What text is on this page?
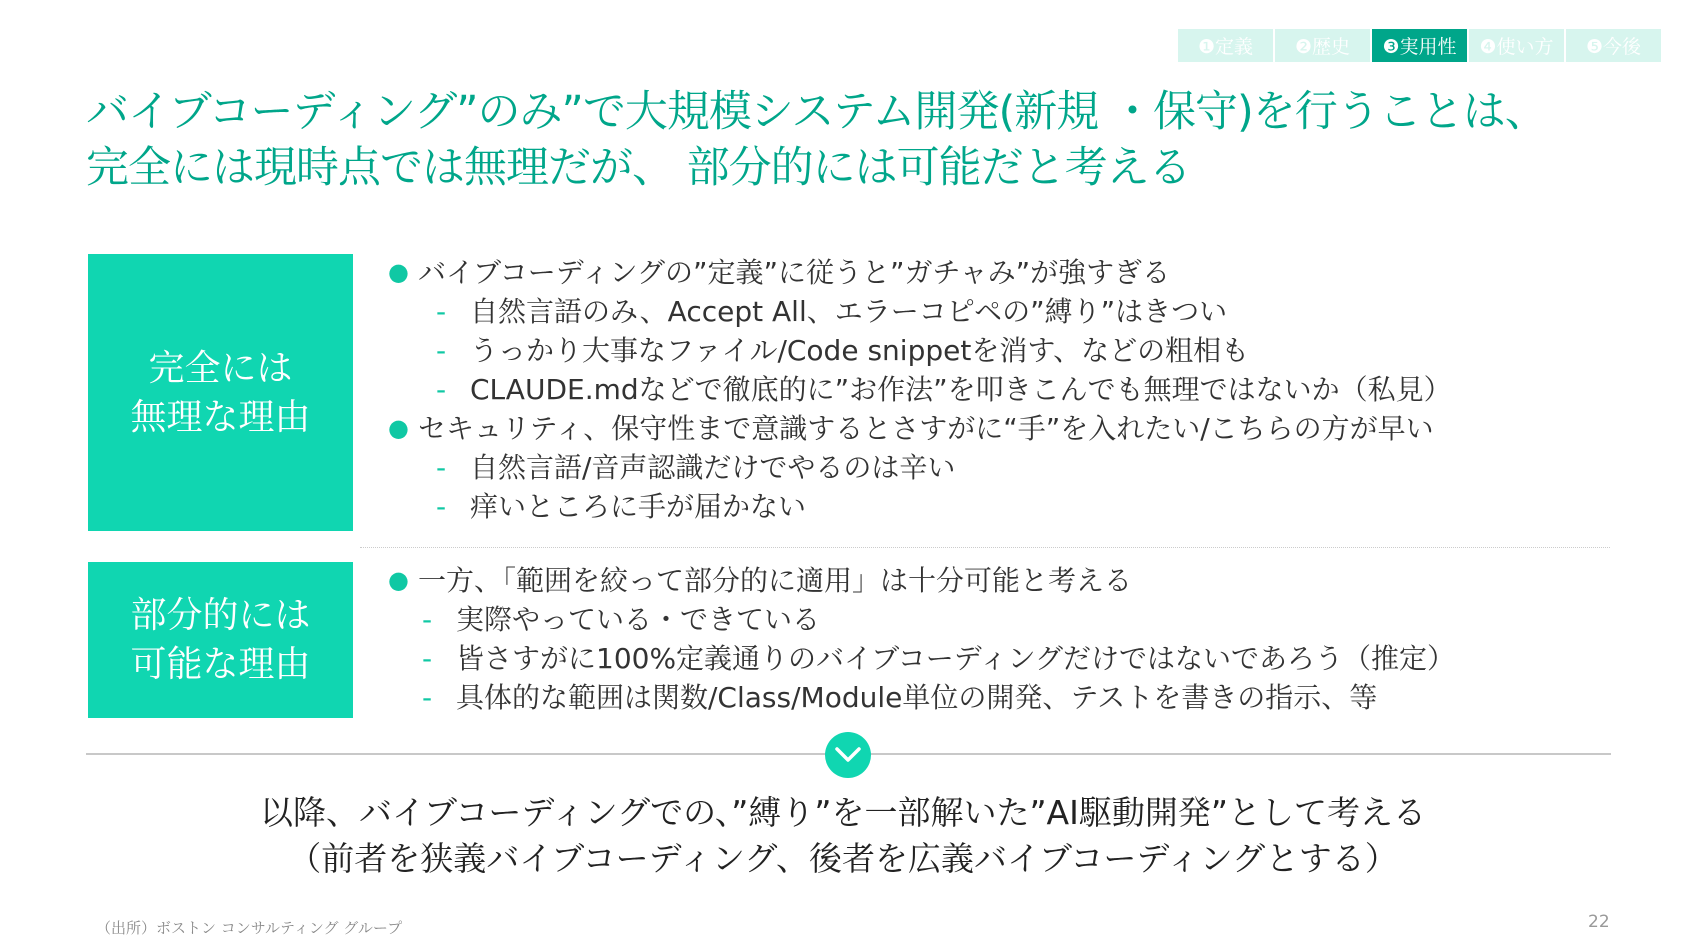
❶定義	❷歴史	❸実用性	❹使い方	❺今後
バイブコーディング”のみ”で大規模システム開発(新規 ・保守)を行うことは、
完全には現時点では無理だが、 部分的には可能だと考える
完全には
無理な理由
● バイブコーディングの”定義”に従うと”ガチャみ”が強すぎる
- 自然言語のみ、Accept All、エラーコピペの”縛り”はきつい
- うっかり大事なファイル/Code snippetを消す、などの粗相も
- CLAUDE.mdなどで徹底的に”お作法”を叩きこんでも無理ではないか（私見）
● セキュリティ、保守性まで意識するとさすがに“手”を入れたい/こちらの方が早い
- 自然言語/音声認識だけでやるのは辛い
- 痒いところに手が届かない
部分的には
可能な理由
● 一方、「範囲を絞って部分的に適用」は十分可能と考える
- 実際やっている・できている
- 皆さすがに100%定義通りのバイブコーディングだけではないであろう（推定）
- 具体的な範囲は関数/Class/Module単位の開発、テストを書きの指示、等
以降、バイブコーディングでの、”縛り”を一部解いた”AI駆動開発”として考える
（前者を狭義バイブコーディング、後者を広義バイブコーディングとする）
（出所）ボストン コンサルティング グループ	22
